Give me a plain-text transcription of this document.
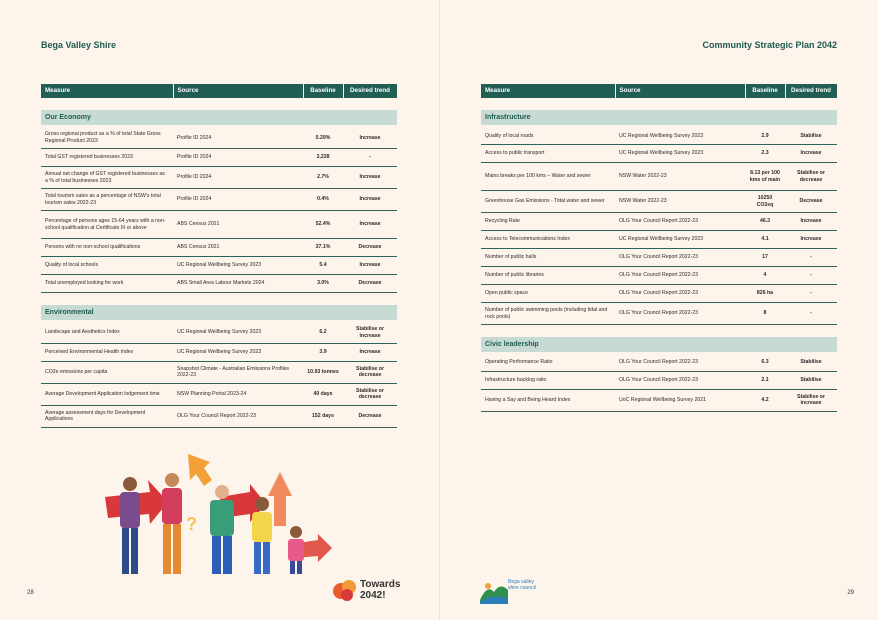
Bega Valley Shire
Measure	Source	Baseline	Desired trend

Our Economy			
Gross regional product as a % of total State Gross Regional Product 2023	Profile ID 2024	0.29%	Increase
Total GST registered businesses 2023	Profile ID 2024	3,228	-
Annual net change of GST registered businesses as a % of total businesses 2023	Profile ID 2024	2.7%	Increase
Total tourism sales as a percentage of NSW's total tourism sales 2022-23	Profile ID 2024	0.4%	Increase
Percentage of persons ages 15-64 years with a non-school qualification at Certificate III or above	ABS Census 2021	52.4%	Increase
Persons with no non-school qualifications	ABS Census 2021	37.1%	Decrease
Quality of local schools	UC Regional Wellbeing Survey 2023	5.4	Increase
Total unemployed looking for work	ABS Small Area Labour Markets 2024	3.0%	Decrease

Environmental			
Landscape and Aesthetics Index	UC Regional Wellbeing Survey 2023	6.2	Stabilise or increase
Perceived Environmental Health Index	UC Regional Wellbeing Survey 2023	3.9	Increase
CO2e emissions per capita	Snapshot Climate - Australian Emissions Profiles 2022-23	10.93 tonnes	Stabilise or decrease
Average Development Application lodgement time	NSW Planning Portal 2023-24	40 days	Stabilise or decrease
Average assessment days for Development Applications	OLG Your Council Report 2022-23	152 days	Decrease
?
28
Towards 2042!
Community Strategic Plan 2042
29
Bega valley shire council
Measure	Source	Baseline	Desired trend

Infrastructure			
Quality of local roads	UC Regional Wellbeing Survey 2023	2.9	Stabilise
Access to public transport	UC Regional Wellbeing Survey 2023	2.3	Increase
Mains breaks per 100 kms – Water and sewer	NSW Water 2022-23	8.13 per 100 kms of main	Stabilise or decrease
Greenhouse Gas Emissions - Total water and sewer	NSW Water 2022-23	10250 CO2eq	Decrease
Recycling Rate	OLG Your Council Report 2022-23	46.3	Increase
Access to Telecommunications Index	UC Regional Wellbeing Survey 2023	4.1	Increase
Number of public halls	OLG Your Council Report 2022-23	17	-
Number of public libraries	OLG Your Council Report 2022-23	4	-
Open public space	OLG Your Council Report 2022-23	826 ha	-
Number of public swimming pools (including tidal and rock pools)	OLG Your Council Report 2022-23	8	-

Civic leadership			
Operating Performance Ratio	OLG Your Council Report 2022-23	6.3	Stabilise
Infrastructure backlog ratio	OLG Your Council Report 2022-23	2.1	Stabilise
Having a Say and Being Heard Index	UoC Regional Wellbeing Survey 2021	4.2	Stabilise or increase
